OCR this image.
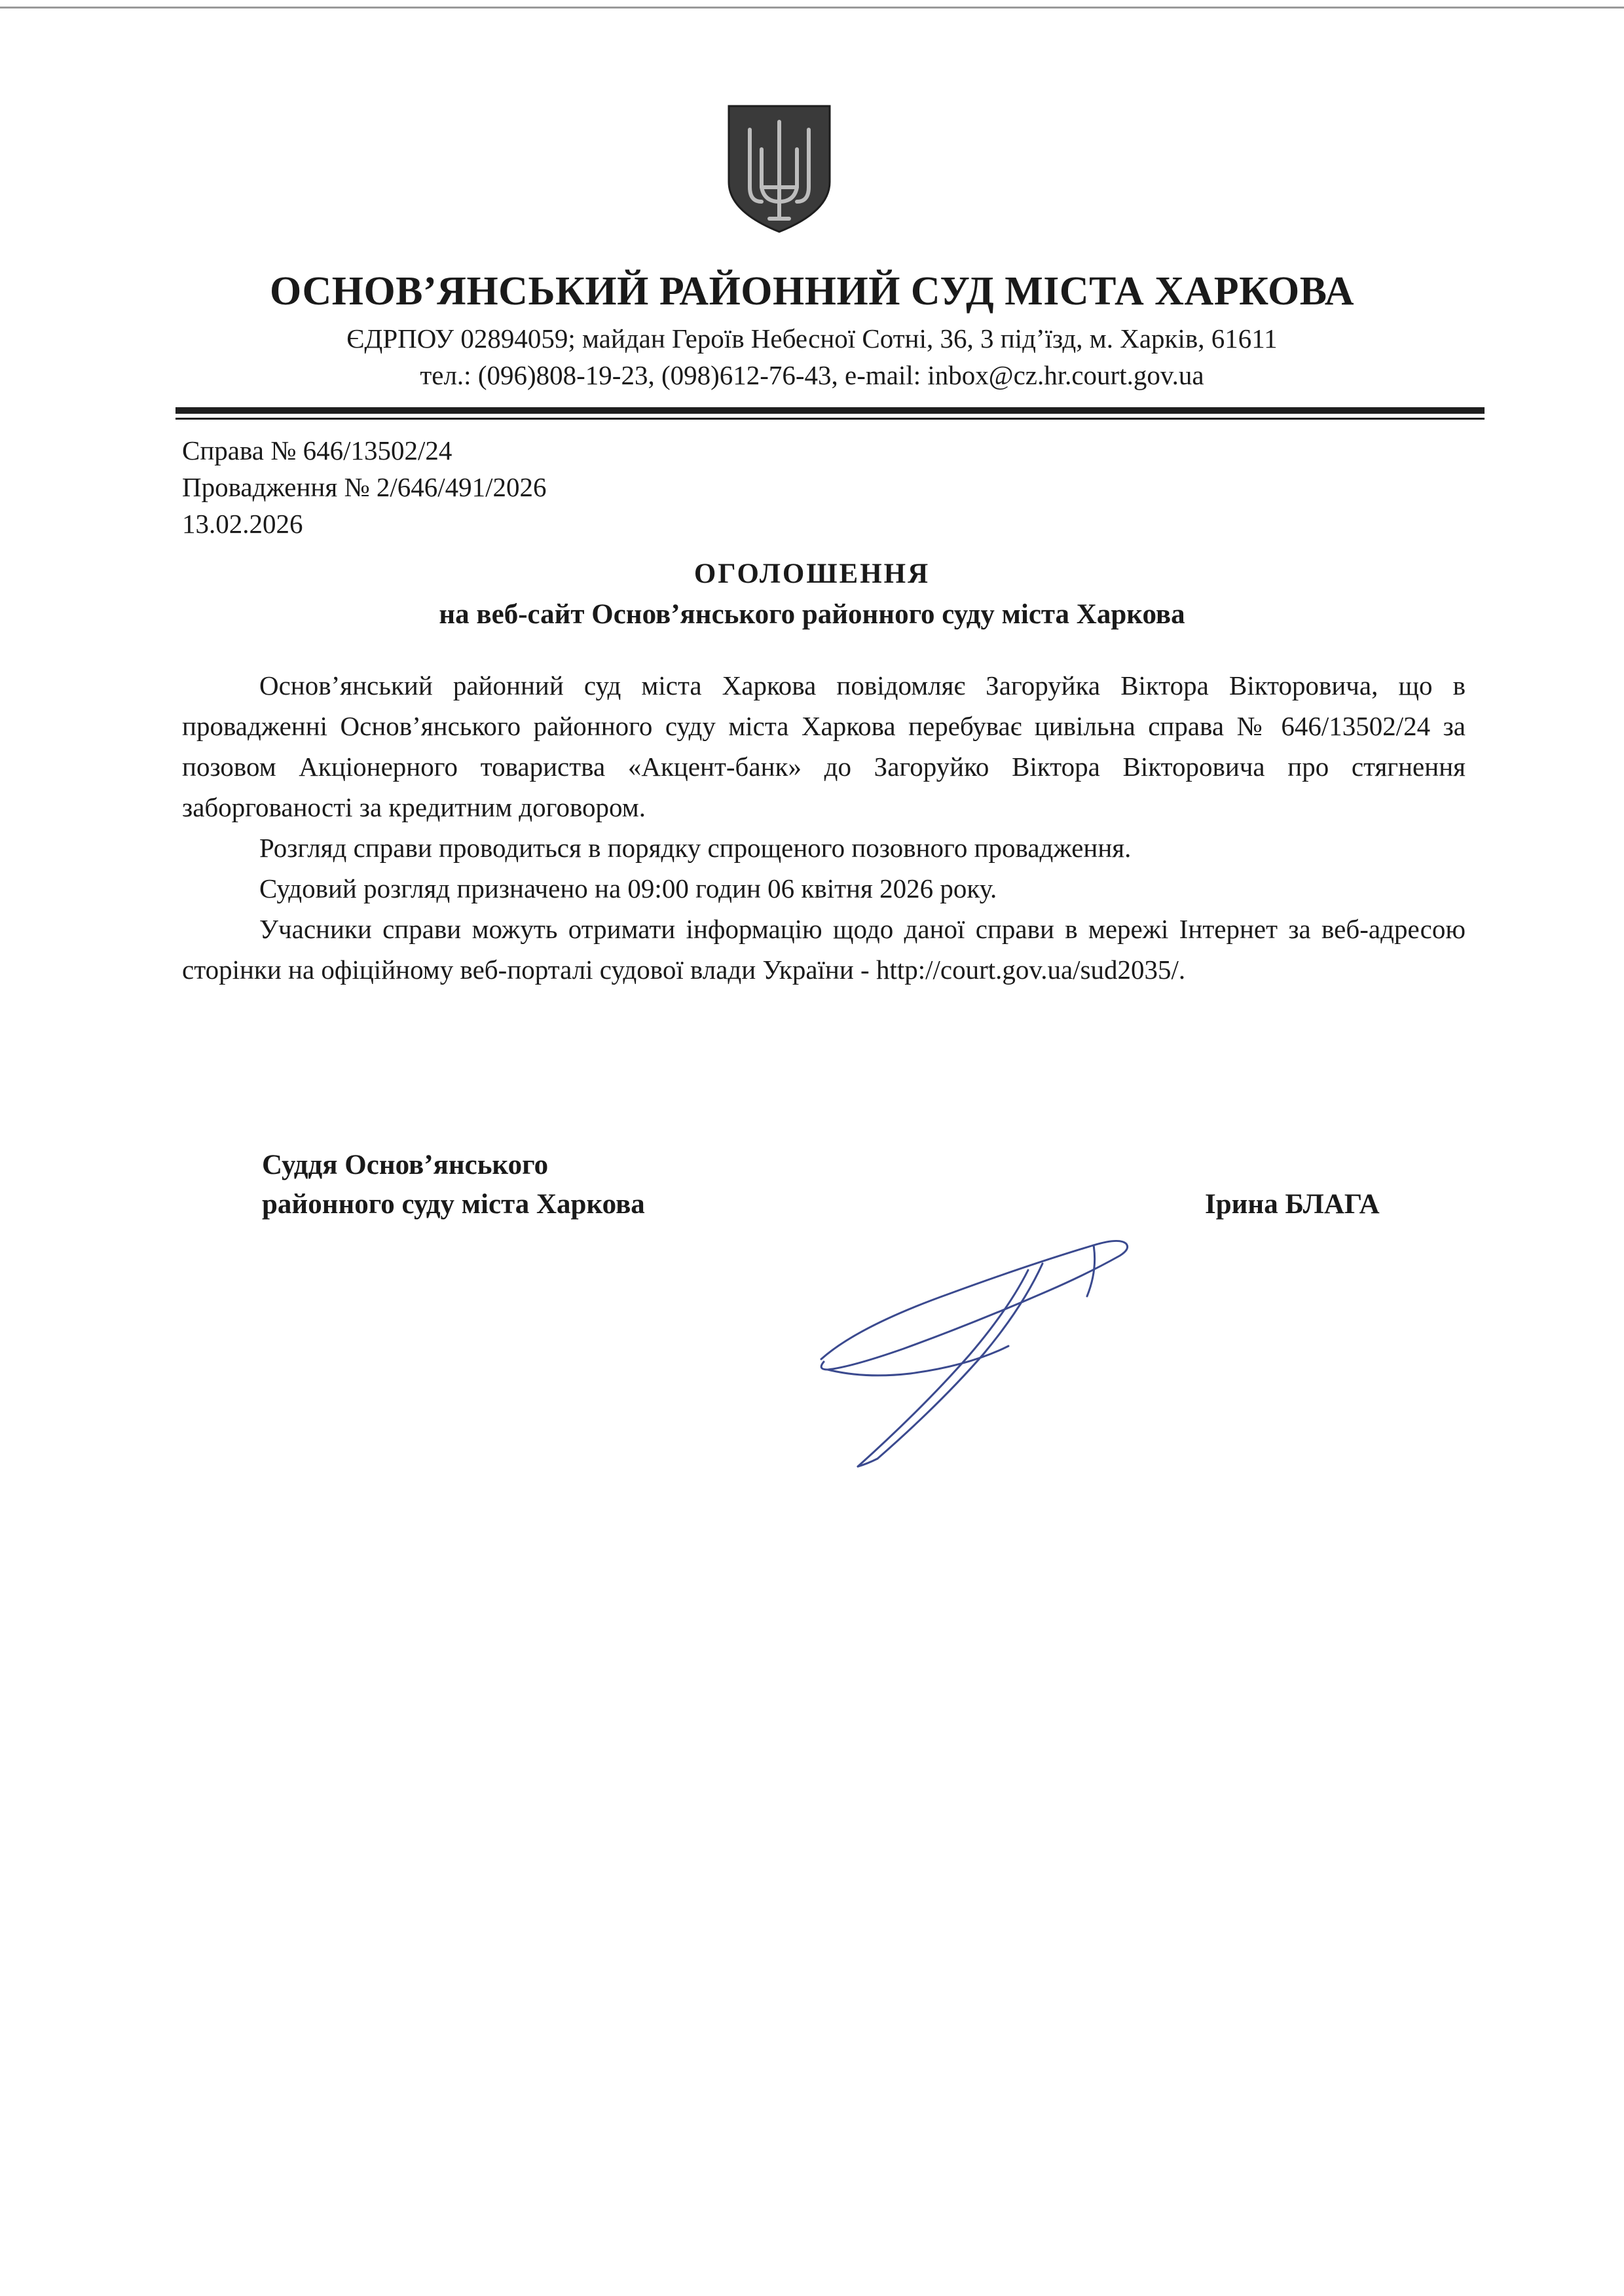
ОСНОВ’ЯНСЬКИЙ РАЙОННИЙ СУД МІСТА ХАРКОВА
ЄДРПОУ 02894059; майдан Героїв Небесної Сотні, 36, 3 під’їзд, м. Харків, 61611
тел.: (096)808-19-23, (098)612-76-43, e-mail: inbox@cz.hr.court.gov.ua
Справа № 646/13502/24
Провадження № 2/646/491/2026
13.02.2026
ОГОЛОШЕННЯ
на веб-сайт Основ’янського районного суду міста Харкова

Основ’янський районний суд міста Харкова повідомляє Загоруйка Віктора Вікторовича, що в провадженні Основ’янського районного суду міста Харкова перебуває цивільна справа № 646/13502/24 за позовом Акціонерного товариства «Акцент-банк» до Загоруйко Віктора Вікторовича про стягнення заборгованості за кредитним договором.

Розгляд справи проводиться в порядку спрощеного позовного провадження.

Судовий розгляд призначено на 09:00 годин 06 квітня 2026 року.

Учасники справи можуть отримати інформацію щодо даної справи в мережі Інтернет за веб-адресою сторінки на офіційному веб-порталі судової влади України - http://court.gov.ua/sud2035/.

Суддя Основ’янського
районного суду міста Харкова	Ірина БЛАГА
